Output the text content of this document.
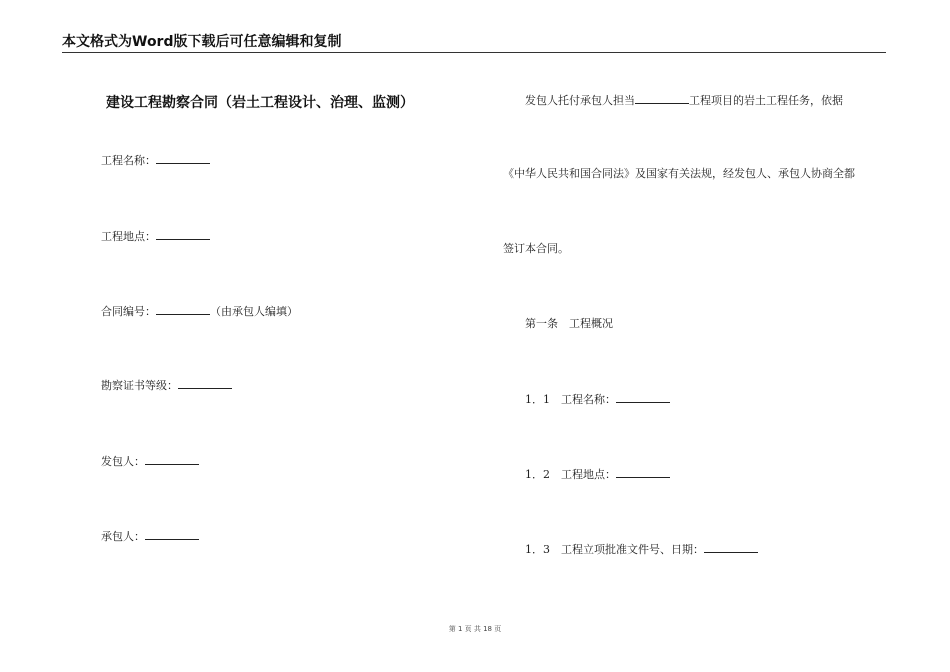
本文格式为Word版下载后可任意编辑和复制
建设工程勘察合同（岩土工程设计、治理、监测）
工程名称：
工程地点：
合同编号：	（由承包人编填）
勘察证书等级：
发包人：
承包人：
发包人托付承包人担当	工程项目的岩土工程任务，依据
《中华人民共和国合同法》及国家有关法规，经发包人、承包人协商全都
签订本合同。
第一条　工程概况
1．1　工程名称：
1．2　工程地点：
1．3　工程立项批准文件号、日期：
第 1 页 共 18 页
